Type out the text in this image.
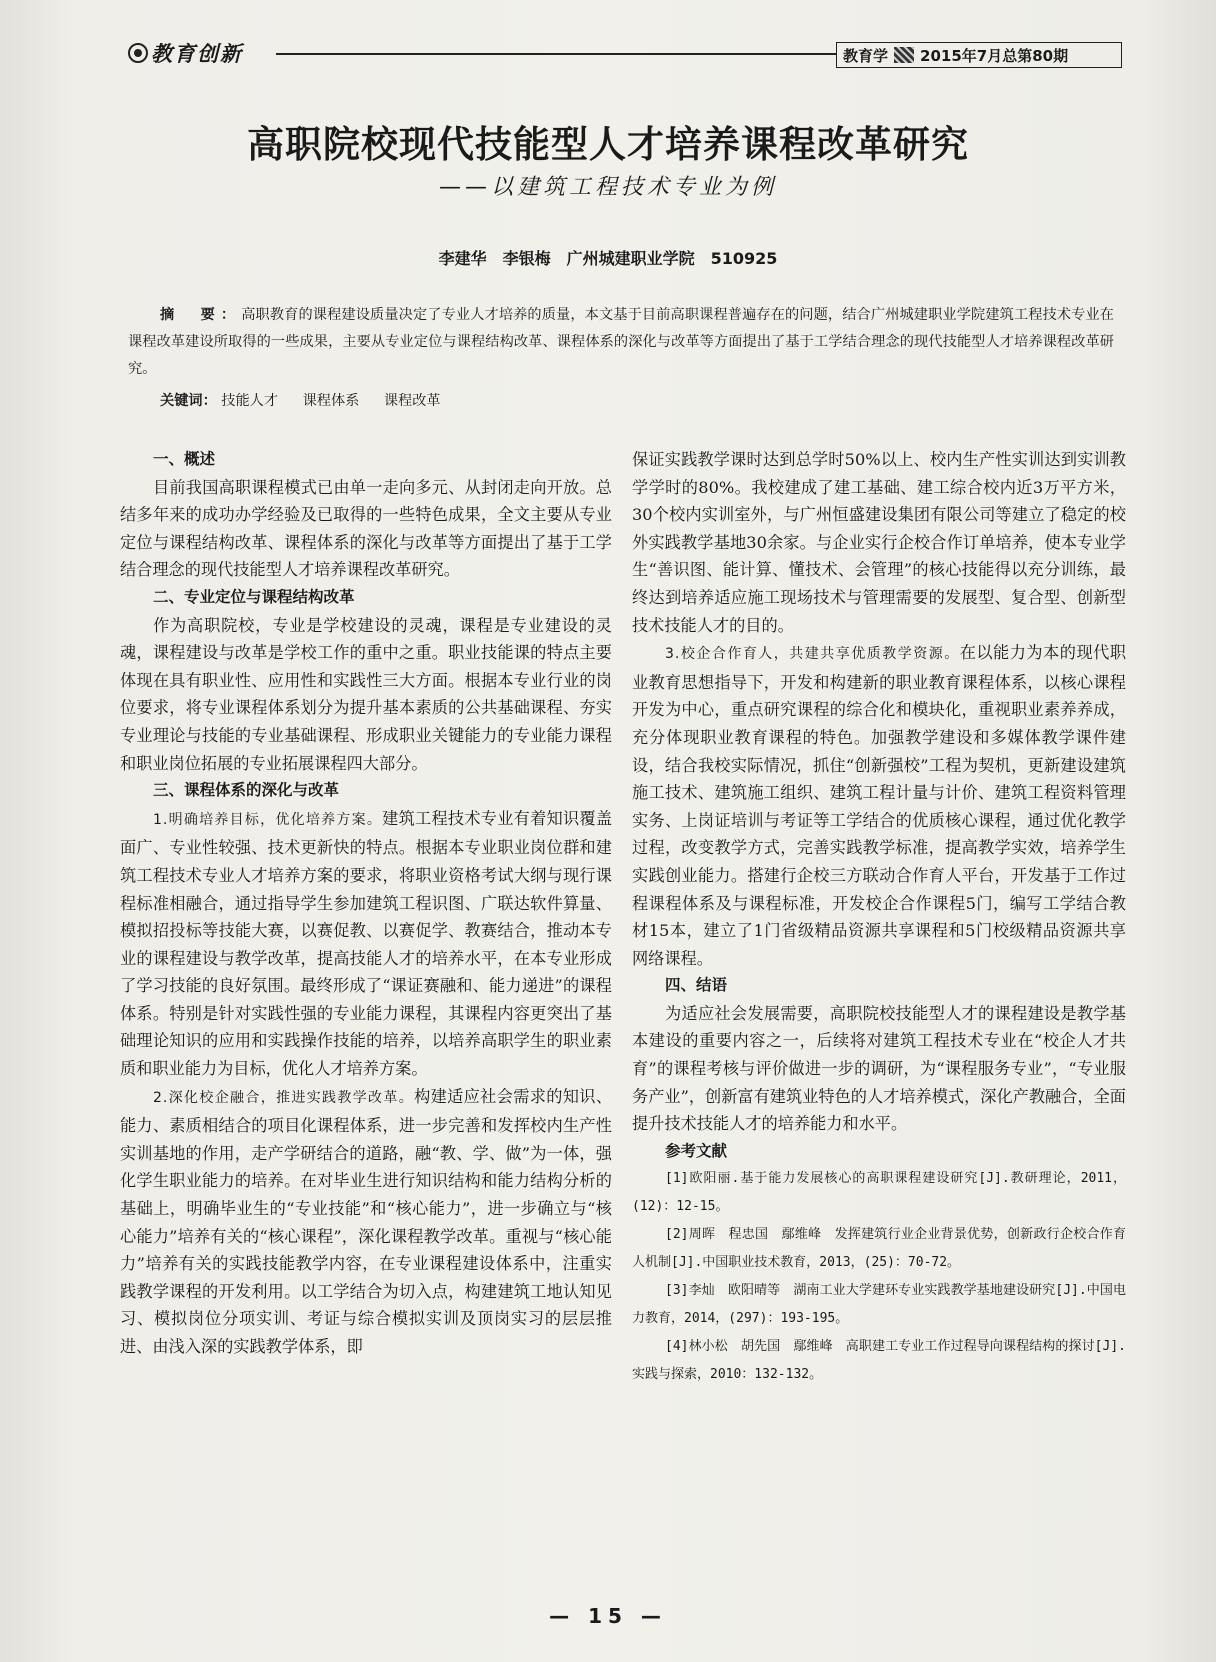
教育创新	教育学 2015年7月总第80期
高职院校现代技能型人才培养课程改革研究
——以建筑工程技术专业为例
李建华　李银梅　广州城建职业学院　510925
摘　要：高职教育的课程建设质量决定了专业人才培养的质量，本文基于目前高职课程普遍存在的问题，结合广州城建职业学院建筑工程技术专业在课程改革建设所取得的一些成果，主要从专业定位与课程结构改革、课程体系的深化与改革等方面提出了基于工学结合理念的现代技能型人才培养课程改革研究。
关键词： 技能人才 课程体系 课程改革
一、概述

目前我国高职课程模式已由单一走向多元、从封闭走向开放。总结多年来的成功办学经验及已取得的一些特色成果，全文主要从专业定位与课程结构改革、课程体系的深化与改革等方面提出了基于工学结合理念的现代技能型人才培养课程改革研究。

二、专业定位与课程结构改革

作为高职院校，专业是学校建设的灵魂，课程是专业建设的灵魂，课程建设与改革是学校工作的重中之重。职业技能课的特点主要体现在具有职业性、应用性和实践性三大方面。根据本专业行业的岗位要求，将专业课程体系划分为提升基本素质的公共基础课程、夯实专业理论与技能的专业基础课程、形成职业关键能力的专业能力课程和职业岗位拓展的专业拓展课程四大部分。

三、课程体系的深化与改革

1.明确培养目标，优化培养方案。建筑工程技术专业有着知识覆盖面广、专业性较强、技术更新快的特点。根据本专业职业岗位群和建筑工程技术专业人才培养方案的要求，将职业资格考试大纲与现行课程标准相融合，通过指导学生参加建筑工程识图、广联达软件算量、模拟招投标等技能大赛，以赛促教、以赛促学、教赛结合，推动本专业的课程建设与教学改革，提高技能人才的培养水平，在本专业形成了学习技能的良好氛围。最终形成了“课证赛融和、能力递进”的课程体系。特别是针对实践性强的专业能力课程，其课程内容更突出了基础理论知识的应用和实践操作技能的培养，以培养高职学生的职业素质和职业能力为目标，优化人才培养方案。

2.深化校企融合，推进实践教学改革。构建适应社会需求的知识、能力、素质相结合的项目化课程体系，进一步完善和发挥校内生产性实训基地的作用，走产学研结合的道路，融“教、学、做”为一体，强化学生职业能力的培养。在对毕业生进行知识结构和能力结构分析的基础上，明确毕业生的“专业技能”和“核心能力”，进一步确立与“核心能力”培养有关的“核心课程”，深化课程教学改革。重视与“核心能力”培养有关的实践技能教学内容，在专业课程建设体系中，注重实践教学课程的开发利用。以工学结合为切入点，构建建筑工地认知见习、模拟岗位分项实训、考证与综合模拟实训及顶岗实习的层层推进、由浅入深的实践教学体系，即

保证实践教学课时达到总学时50%以上、校内生产性实训达到实训教学学时的80%。我校建成了建工基础、建工综合校内近3万平方米，30个校内实训室外，与广州恒盛建设集团有限公司等建立了稳定的校外实践教学基地30余家。与企业实行企校合作订单培养，使本专业学生“善识图、能计算、懂技术、会管理”的核心技能得以充分训练，最终达到培养适应施工现场技术与管理需要的发展型、复合型、创新型技术技能人才的目的。

3.校企合作育人，共建共享优质教学资源。在以能力为本的现代职业教育思想指导下，开发和构建新的职业教育课程体系，以核心课程开发为中心，重点研究课程的综合化和模块化，重视职业素养养成，充分体现职业教育课程的特色。加强教学建设和多媒体教学课件建设，结合我校实际情况，抓住“创新强校”工程为契机，更新建设建筑施工技术、建筑施工组织、建筑工程计量与计价、建筑工程资料管理实务、上岗证培训与考证等工学结合的优质核心课程，通过优化教学过程，改变教学方式，完善实践教学标准，提高教学实效，培养学生实践创业能力。搭建行企校三方联动合作育人平台，开发基于工作过程课程体系及与课程标准，开发校企合作课程5门，编写工学结合教材15本，建立了1门省级精品资源共享课程和5门校级精品资源共享网络课程。

四、结语

为适应社会发展需要，高职院校技能型人才的课程建设是教学基本建设的重要内容之一，后续将对建筑工程技术专业在“校企人才共育”的课程考核与评价做进一步的调研，为“课程服务专业”，“专业服务产业”，创新富有建筑业特色的人才培养模式，深化产教融合，全面提升技术技能人才的培养能力和水平。

参考文献

[1]欧阳丽.基于能力发展核心的高职课程建设研究[J].教研理论，2011，(12)：12-15。

[2]周晖　程忠国　鄢维峰　发挥建筑行业企业背景优势，创新政行企校合作育人机制[J].中国职业技术教育，2013，(25)：70-72。

[3]李灿　欧阳晴等　湖南工业大学建环专业实践教学基地建设研究[J].中国电力教育，2014，(297)：193-195。

[4]林小松　胡先国　鄢维峰　高职建工专业工作过程导向课程结构的探讨[J].实践与探索，2010：132-132。

— 15 —
